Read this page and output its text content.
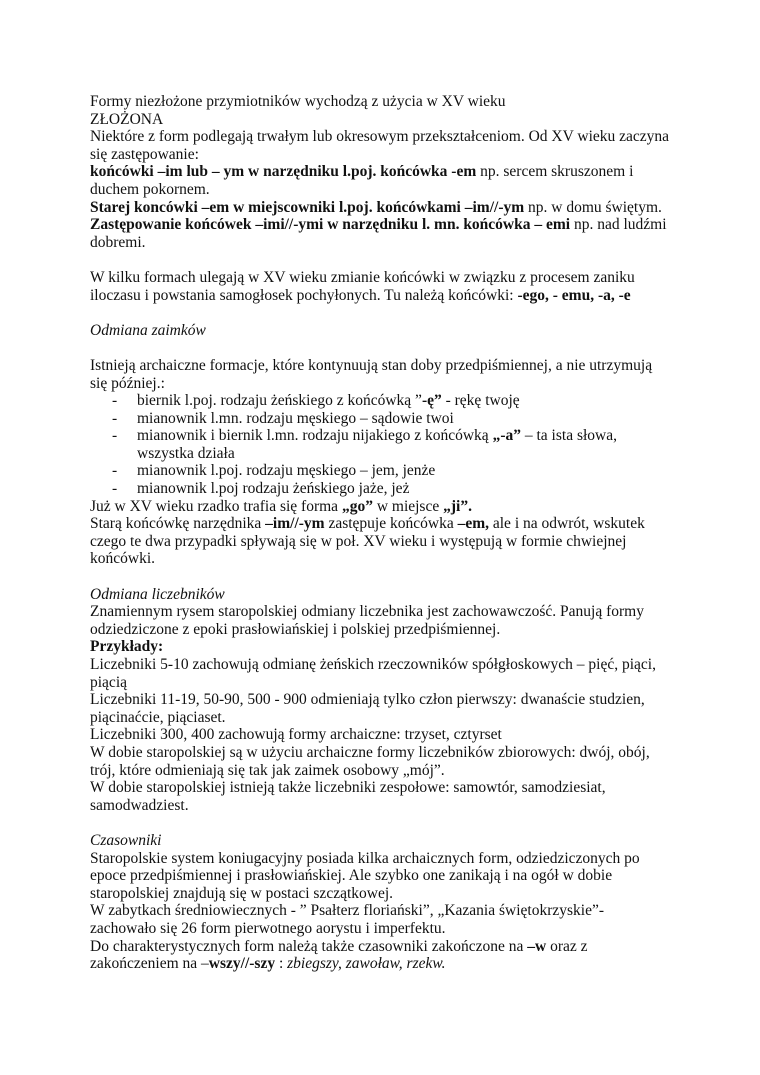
Formy niezłożone przymiotników wychodzą z użycia w XV wieku

ZŁOŻONA

Niektóre z form podlegają trwałym lub okresowym przekształceniom. Od XV wieku zaczyna się zastępowanie:

końcówki –im lub – ym w narzędniku l.poj. końcówka -em np. sercem skruszonem i duchem pokornem.

Starej koncówki –em w miejscowniki l.poj. końcówkami –im//-ym np. w domu świętym.

Zastępowanie końcówek –imi//-ymi w narzędniku l. mn. końcówka – emi np. nad ludźmi dobremi.

W kilku formach ulegają w XV wieku zmianie końcówki w związku z procesem zaniku iloczasu i powstania samogłosek pochyłonych. Tu należą końcówki: -ego, - emu, -a, -e

Odmiana zaimków

Istnieją archaiczne formacje, które kontynuują stan doby przedpiśmiennej, a nie utrzymują się później.:

- biernik l.poj. rodzaju żeńskiego z końcówką ”-ę” - rękę twoję
- mianownik l.mn. rodzaju męskiego – sądowie twoi
- mianownik i biernik l.mn. rodzaju nijakiego z końcówką „-a” – ta ista słowa, wszystka działa
- mianownik l.poj. rodzaju męskiego – jem, jenże
- mianownik l.poj rodzaju żeńskiego jaże, jeż

Już w XV wieku rzadko trafia się forma „go” w miejsce „ji”.

Starą końcówkę narzędnika –im//-ym zastępuje końcówka –em, ale i na odwrót, wskutek czego te dwa przypadki spływają się w poł. XV wieku i występują w formie chwiejnej końcówki.

Odmiana liczebników

Znamiennym rysem staropolskiej odmiany liczebnika jest zachowawczość. Panują formy odziedziczone z epoki prasłowiańskiej i polskiej przedpiśmiennej.

Przykłady:

Liczebniki 5-10 zachowują odmianę żeńskich rzeczowników spółgłoskowych – pięć, piąci, piącią

Liczebniki 11-19, 50-90, 500 - 900 odmieniają tylko człon pierwszy: dwanaście studzien, piącinaćcie, piąciaset.

Liczebniki 300, 400 zachowują formy archaiczne: trzyset, cztyrset

W dobie staropolskiej są w użyciu archaiczne formy liczebników zbiorowych: dwój, obój, trój, które odmieniają się tak jak zaimek osobowy „mój”.

W dobie staropolskiej istnieją także liczebniki zespołowe: samowtór, samodziesiat, samodwadziest.

Czasowniki

Staropolskie system koniugacyjny posiada kilka archaicznych form, odziedziczonych po epoce przedpiśmiennej i prasłowiańskiej. Ale szybko one zanikają i na ogół w dobie staropolskiej znajdują się w postaci szczątkowej.

W zabytkach średniowiecznych - ” Psałterz floriański”, „Kazania świętokrzyskie”- zachowało się 26 form pierwotnego aorystu i imperfektu.

Do charakterystycznych form należą także czasowniki zakończone na –w oraz z zakończeniem na –wszy//-szy : zbiegszy, zawoław, rzekw.
